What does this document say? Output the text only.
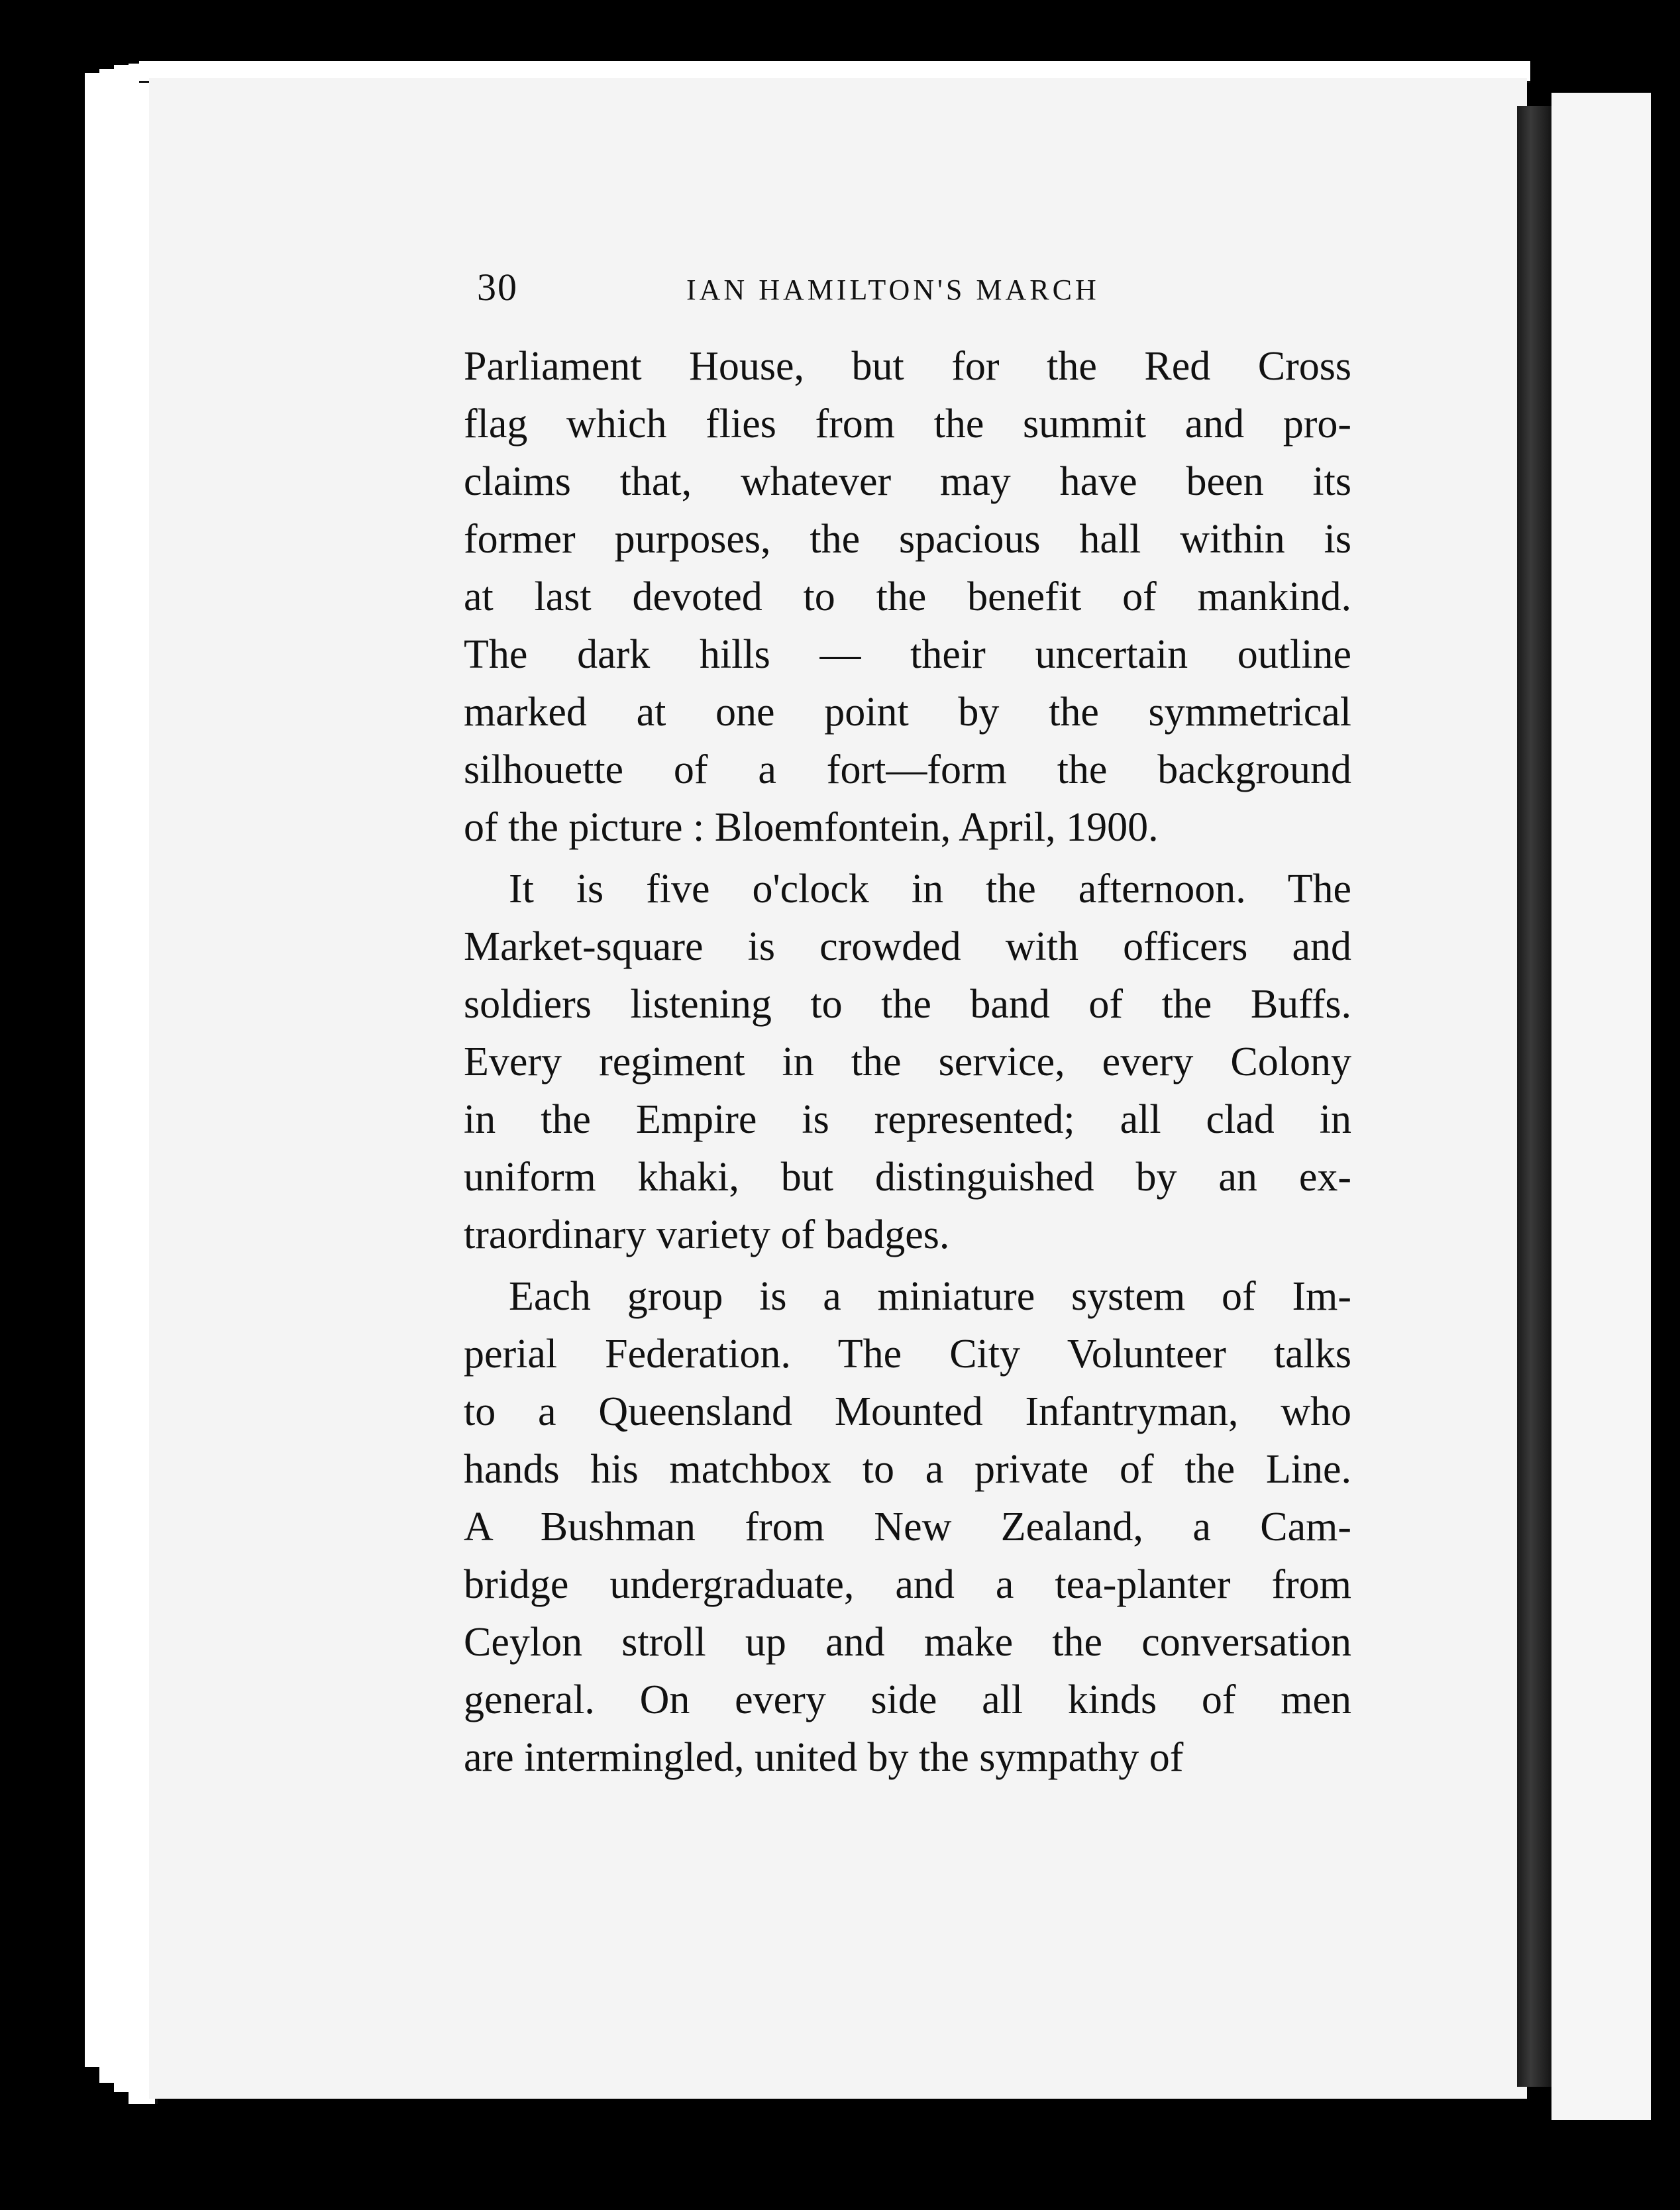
30	IAN HAMILTON'S MARCH
Parliament House, but for the Red Cross
flag which flies from the summit and pro-
claims that, whatever may have been its
former purposes, the spacious hall within is
at last devoted to the benefit of mankind.
The dark hills — their uncertain outline
marked at one point by the symmetrical
silhouette of a fort—form the background
of the picture : Bloemfontein, April, 1900.
It is five o'clock in the afternoon. The
Market-square is crowded with officers and
soldiers listening to the band of the Buffs.
Every regiment in the service, every Colony
in the Empire is represented; all clad in
uniform khaki, but distinguished by an ex-
traordinary variety of badges.
Each group is a miniature system of Im-
perial Federation. The City Volunteer talks
to a Queensland Mounted Infantryman, who
hands his matchbox to a private of the Line.
A Bushman from New Zealand, a Cam-
bridge undergraduate, and a tea-planter from
Ceylon stroll up and make the conversation
general. On every side all kinds of men
are intermingled, united by the sympathy of
